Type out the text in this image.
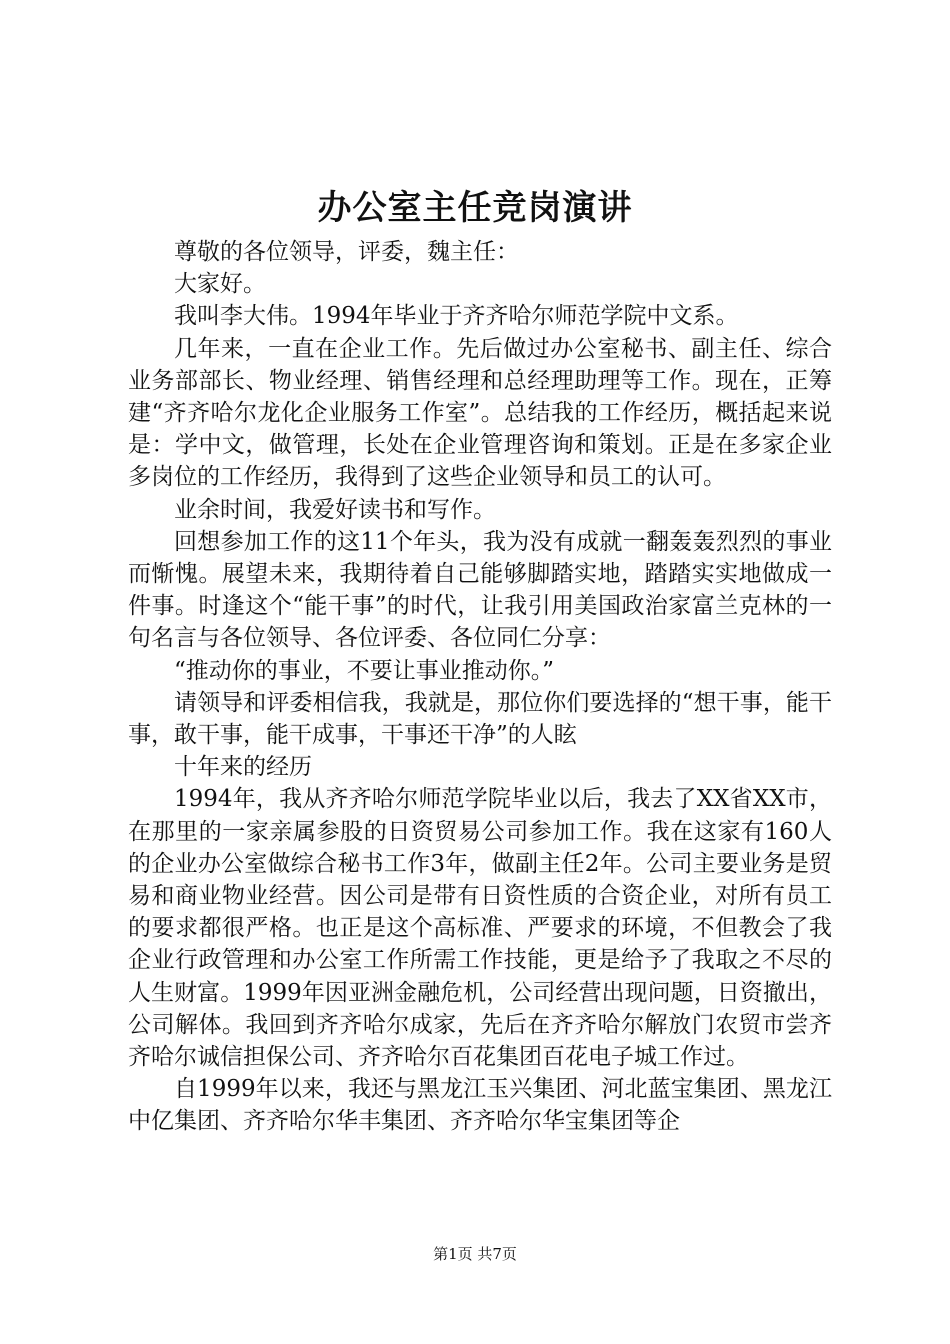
办公室主任竞岗演讲

尊敬的各位领导，评委，魏主任：

大家好。

我叫李大伟。1994年毕业于齐齐哈尔师范学院中文系。

几年来，一直在企业工作。先后做过办公室秘书、副主任、综合业务部部长、物业经理、销售经理和总经理助理等工作。现在，正筹建“齐齐哈尔龙化企业服务工作室”。总结我的工作经历，概括起来说是：学中文，做管理，长处在企业管理咨询和策划。正是在多家企业多岗位的工作经历，我得到了这些企业领导和员工的认可。

业余时间，我爱好读书和写作。

回想参加工作的这11个年头，我为没有成就一翻轰轰烈烈的事业而惭愧。展望未来，我期待着自己能够脚踏实地，踏踏实实地做成一件事。时逢这个“能干事”的时代，让我引用美国政治家富兰克林的一句名言与各位领导、各位评委、各位同仁分享：

“推动你的事业，不要让事业推动你。”

请领导和评委相信我，我就是，那位你们要选择的“想干事，能干事，敢干事，能干成事，干事还干净”的人眩

十年来的经历

1994年，我从齐齐哈尔师范学院毕业以后，我去了XX省XX市，在那里的一家亲属参股的日资贸易公司参加工作。我在这家有160人的企业办公室做综合秘书工作3年，做副主任2年。公司主要业务是贸易和商业物业经营。因公司是带有日资性质的合资企业，对所有员工的要求都很严格。也正是这个高标准、严要求的环境，不但教会了我企业行政管理和办公室工作所需工作技能，更是给予了我取之不尽的人生财富。1999年因亚洲金融危机，公司经营出现问题，日资撤出，公司解体。我回到齐齐哈尔成家，先后在齐齐哈尔解放门农贸市尝齐齐哈尔诚信担保公司、齐齐哈尔百花集团百花电子城工作过。

自1999年以来，我还与黑龙江玉兴集团、河北蓝宝集团、黑龙江中亿集团、齐齐哈尔华丰集团、齐齐哈尔华宝集团等企

第1页 共7页
